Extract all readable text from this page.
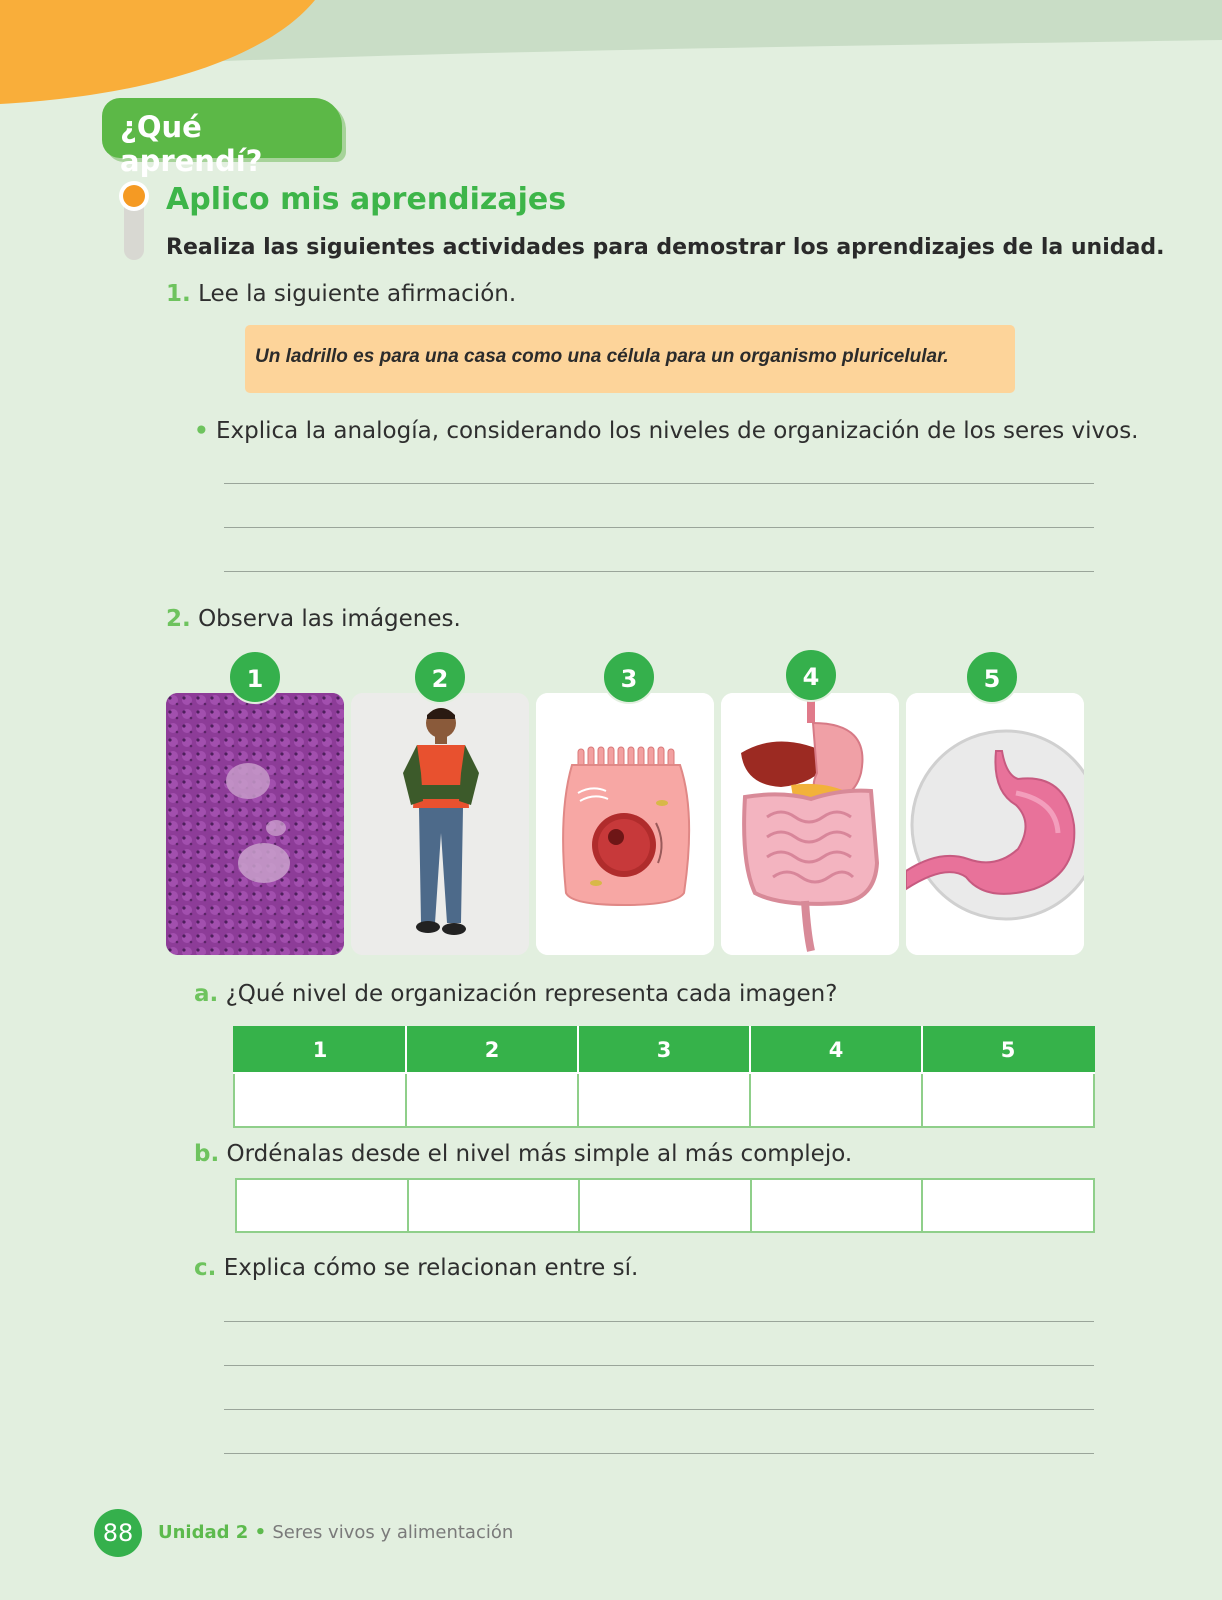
¿Qué aprendí?
Aplico mis aprendizajes
Realiza las siguientes actividades para demostrar los aprendizajes de la unidad.
1. Lee la siguiente afirmación.
Un ladrillo es para una casa como una célula para un organismo pluricelular.
• Explica la analogía, considerando los niveles de organización de los seres vivos.
2. Observa las imágenes.
1	2	3	4	5
a. ¿Qué nivel de organización representa cada imagen?
1	2	3	4	5

b. Ordénalas desde el nivel más simple al más complejo.

c. Explica cómo se relacionan entre sí.
88	Unidad 2 • Seres vivos y alimentación
